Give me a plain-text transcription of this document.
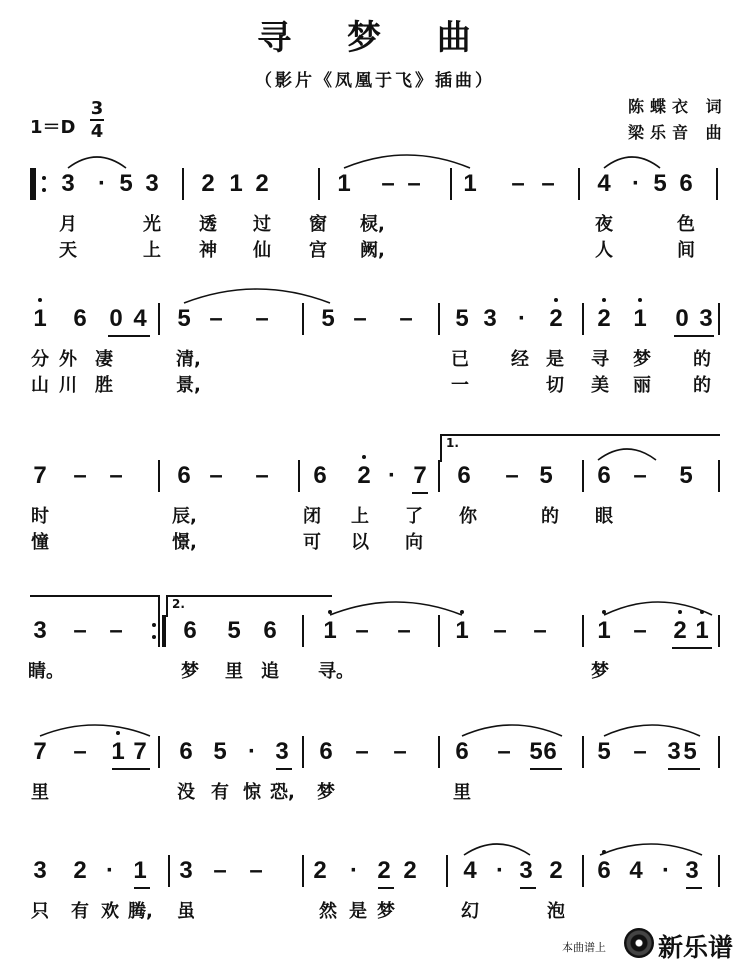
寻 梦 曲
（影片《凤凰于飞》插曲）
陈蝶衣 词
梁乐音 曲
1＝D
3
4
3 · 5 3 2 1 2	1 – – 1 – – 4 · 5 6
月	光 透 过 窗 棂,	夜	色
天	上 神 仙 宫 阙,	人	间
1 6 0 4 5 – – 5 – – 5 3 · 2 2 1 0 3
分 外 凄	清,	已 经 是 寻 梦 的
山 川 胜	景,	一	切 美 丽 的
7 – – 6 – – 6 2 · 7 6 – 5 6 – 5
时	辰,	闭 上 了 你	的 眼
憧	憬,	可 以 向
1.
3 – –	6 5 6 1 – – 1 – – 1 – 2 1
睛。	梦 里 追 寻。	梦
2.
7 – 1 7 6 5 · 3 6 – – 6 – 5 6 5 – 3 5
里	没 有 惊 恐, 梦	里
3 2 · 1 3 – – 2 · 2 2 4 · 3 2 6 4 · 3
只 有 欢 腾, 虽	然 是 梦	幻	泡
本曲谱上 新乐谱
